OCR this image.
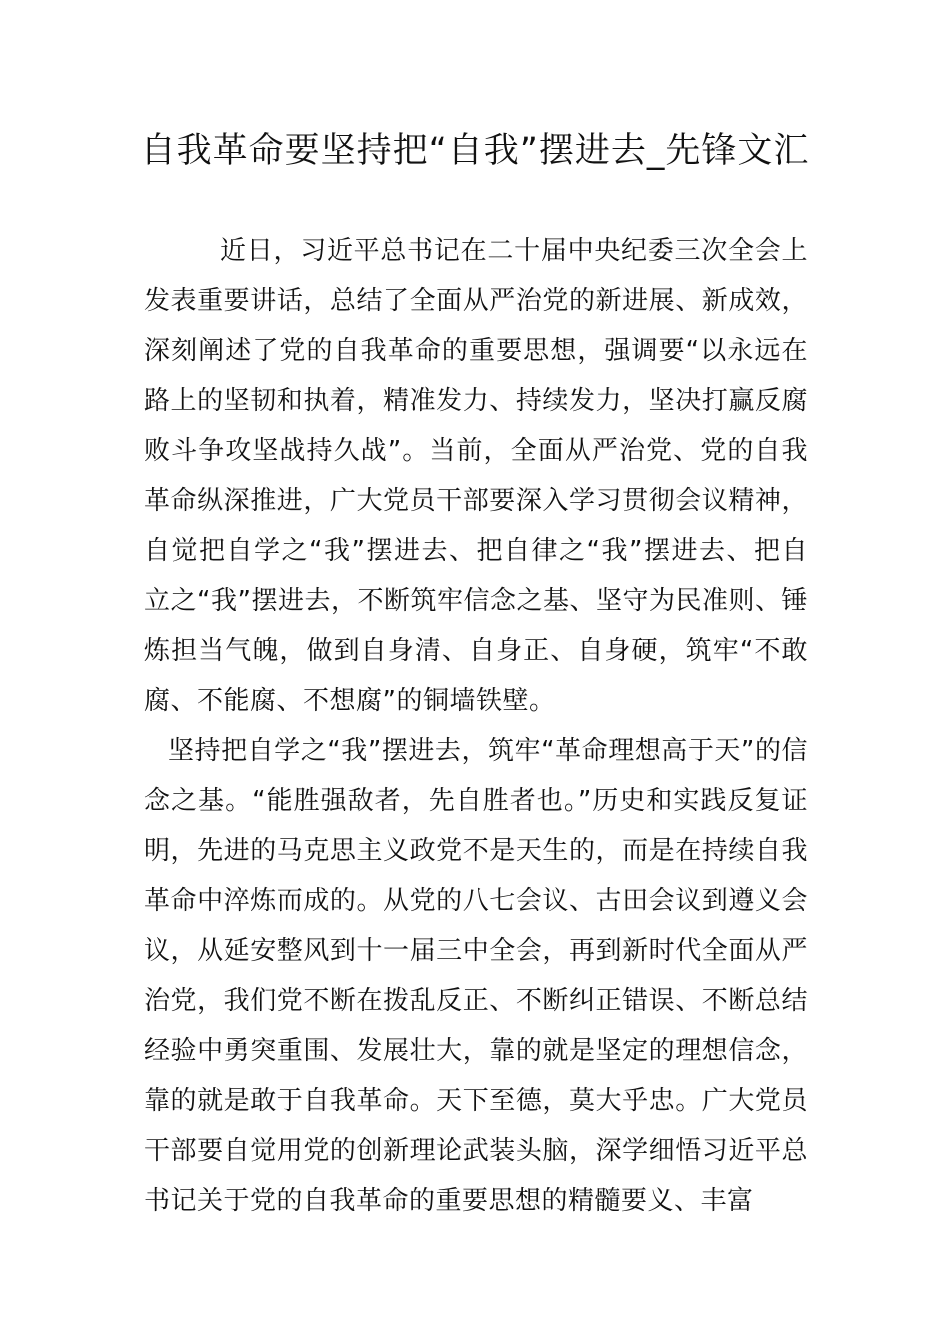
自我革命要坚持把“自我”摆进去_先锋文汇

近日，习近平总书记在二十届中央纪委三次全会上发表重要讲话，总结了全面从严治党的新进展、新成效，深刻阐述了党的自我革命的重要思想，强调要“以永远在路上的坚韧和执着，精准发力、持续发力，坚决打赢反腐败斗争攻坚战持久战”。当前，全面从严治党、党的自我革命纵深推进，广大党员干部要深入学习贯彻会议精神，自觉把自学之“我”摆进去、把自律之“我”摆进去、把自立之“我”摆进去，不断筑牢信念之基、坚守为民准则、锤炼担当气魄，做到自身清、自身正、自身硬，筑牢“不敢腐、不能腐、不想腐”的铜墙铁壁。

坚持把自学之“我”摆进去，筑牢“革命理想高于天”的信念之基。“能胜强敌者，先自胜者也。”历史和实践反复证明，先进的马克思主义政党不是天生的，而是在持续自我革命中淬炼而成的。从党的八七会议、古田会议到遵义会议，从延安整风到十一届三中全会，再到新时代全面从严治党，我们党不断在拨乱反正、不断纠正错误、不断总结经验中勇突重围、发展壮大，靠的就是坚定的理想信念，靠的就是敢于自我革命。天下至德，莫大乎忠。广大党员干部要自觉用党的创新理论武装头脑，深学细悟习近平总书记关于党的自我革命的重要思想的精髓要义、丰富
